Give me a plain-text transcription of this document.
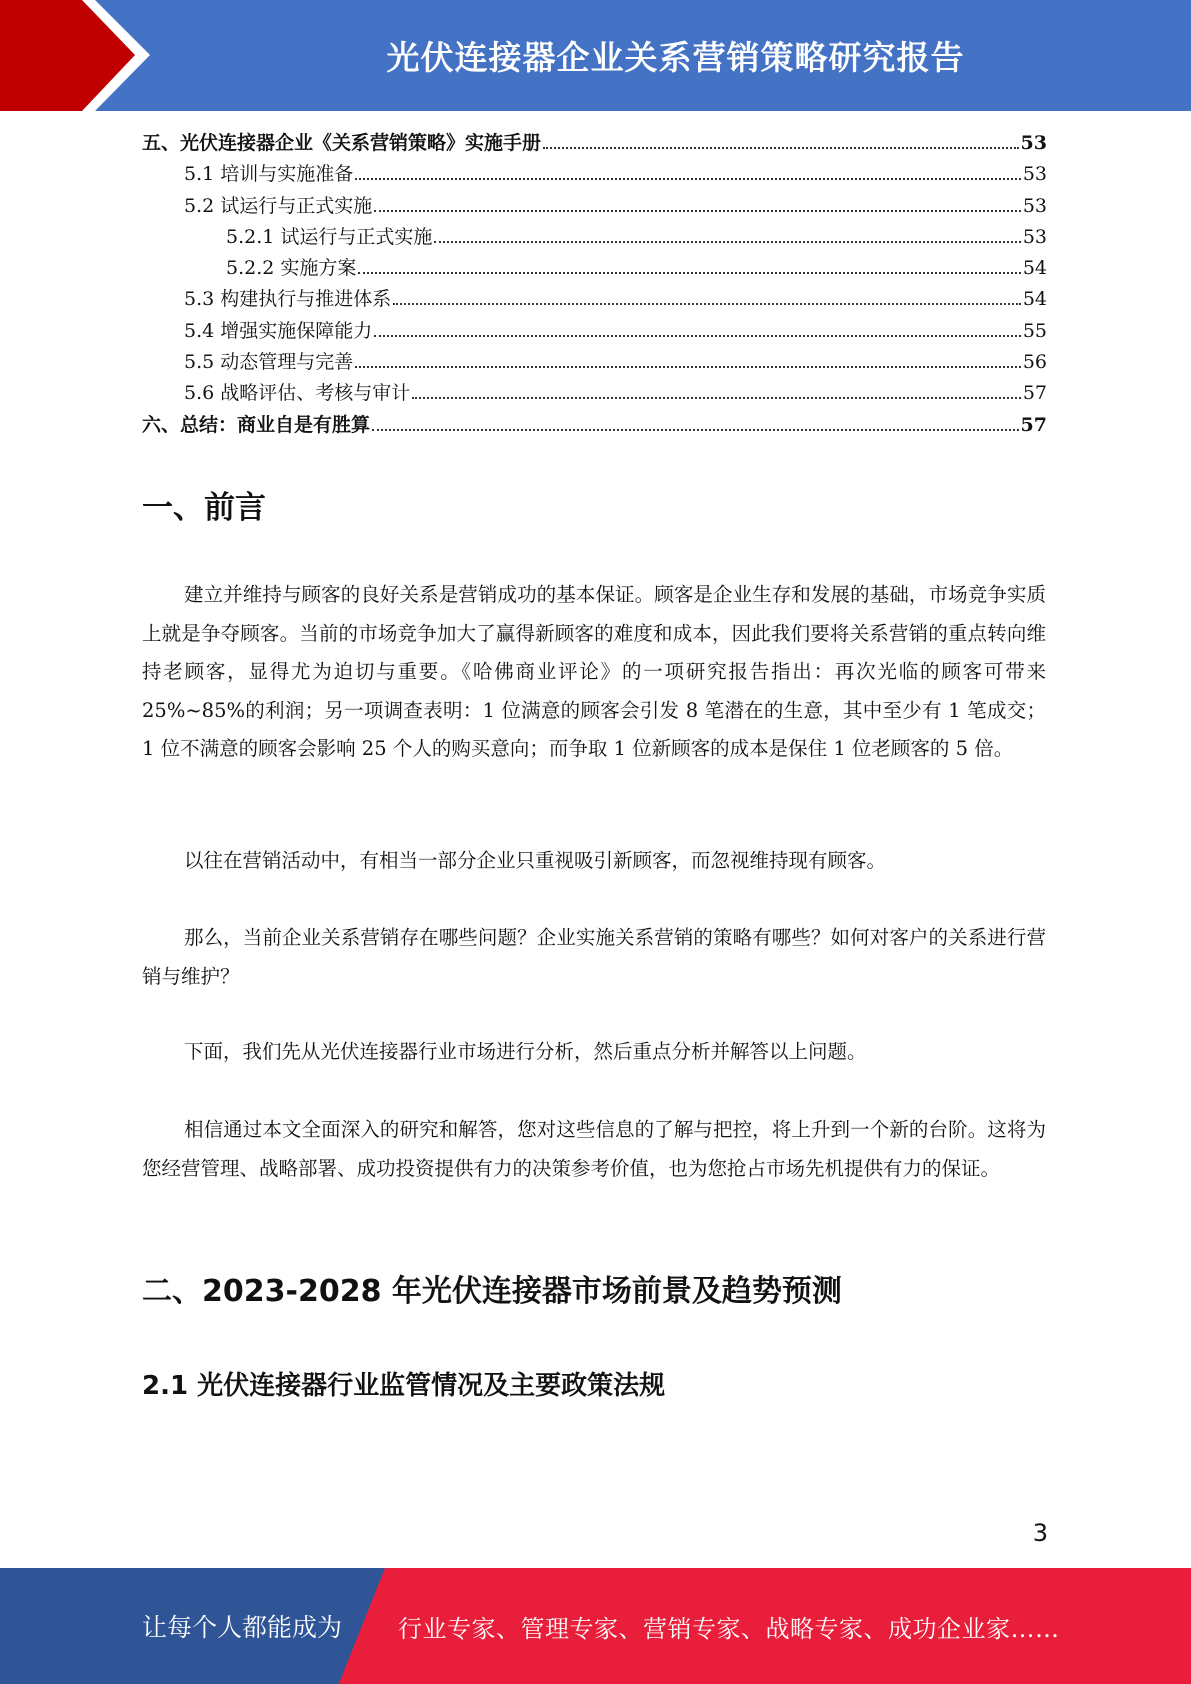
光伏连接器企业关系营销策略研究报告
五、光伏连接器企业《关系营销策略》实施手册	53
5.1 培训与实施准备	53
5.2 试运行与正式实施	53
5.2.1 试运行与正式实施	53
5.2.2 实施方案	54
5.3 构建执行与推进体系	54
5.4 增强实施保障能力	55
5.5 动态管理与完善	56
5.6 战略评估、考核与审计	57
六、总结：商业自是有胜算	57
一、前言

建立并维持与顾客的良好关系是营销成功的基本保证。顾客是企业生存和发展的基础，市场竞争实质上就是争夺顾客。当前的市场竞争加大了赢得新顾客的难度和成本，因此我们要将关系营销的重点转向维持老顾客，显得尤为迫切与重要。《哈佛商业评论》的一项研究报告指出：再次光临的顾客可带来 25%~85%的利润；另一项调查表明：1 位满意的顾客会引发 8 笔潜在的生意，其中至少有 1 笔成交；1 位不满意的顾客会影响 25 个人的购买意向；而争取 1 位新顾客的成本是保住 1 位老顾客的 5 倍。

以往在营销活动中，有相当一部分企业只重视吸引新顾客，而忽视维持现有顾客。

那么，当前企业关系营销存在哪些问题？企业实施关系营销的策略有哪些？如何对客户的关系进行营销与维护？

下面，我们先从光伏连接器行业市场进行分析，然后重点分析并解答以上问题。

相信通过本文全面深入的研究和解答，您对这些信息的了解与把控，将上升到一个新的台阶。这将为您经营管理、战略部署、成功投资提供有力的决策参考价值，也为您抢占市场先机提供有力的保证。

二、2023-2028 年光伏连接器市场前景及趋势预测
2.1 光伏连接器行业监管情况及主要政策法规
3
让每个人都能成为 行业专家、管理专家、营销专家、战略专家、成功企业家……
